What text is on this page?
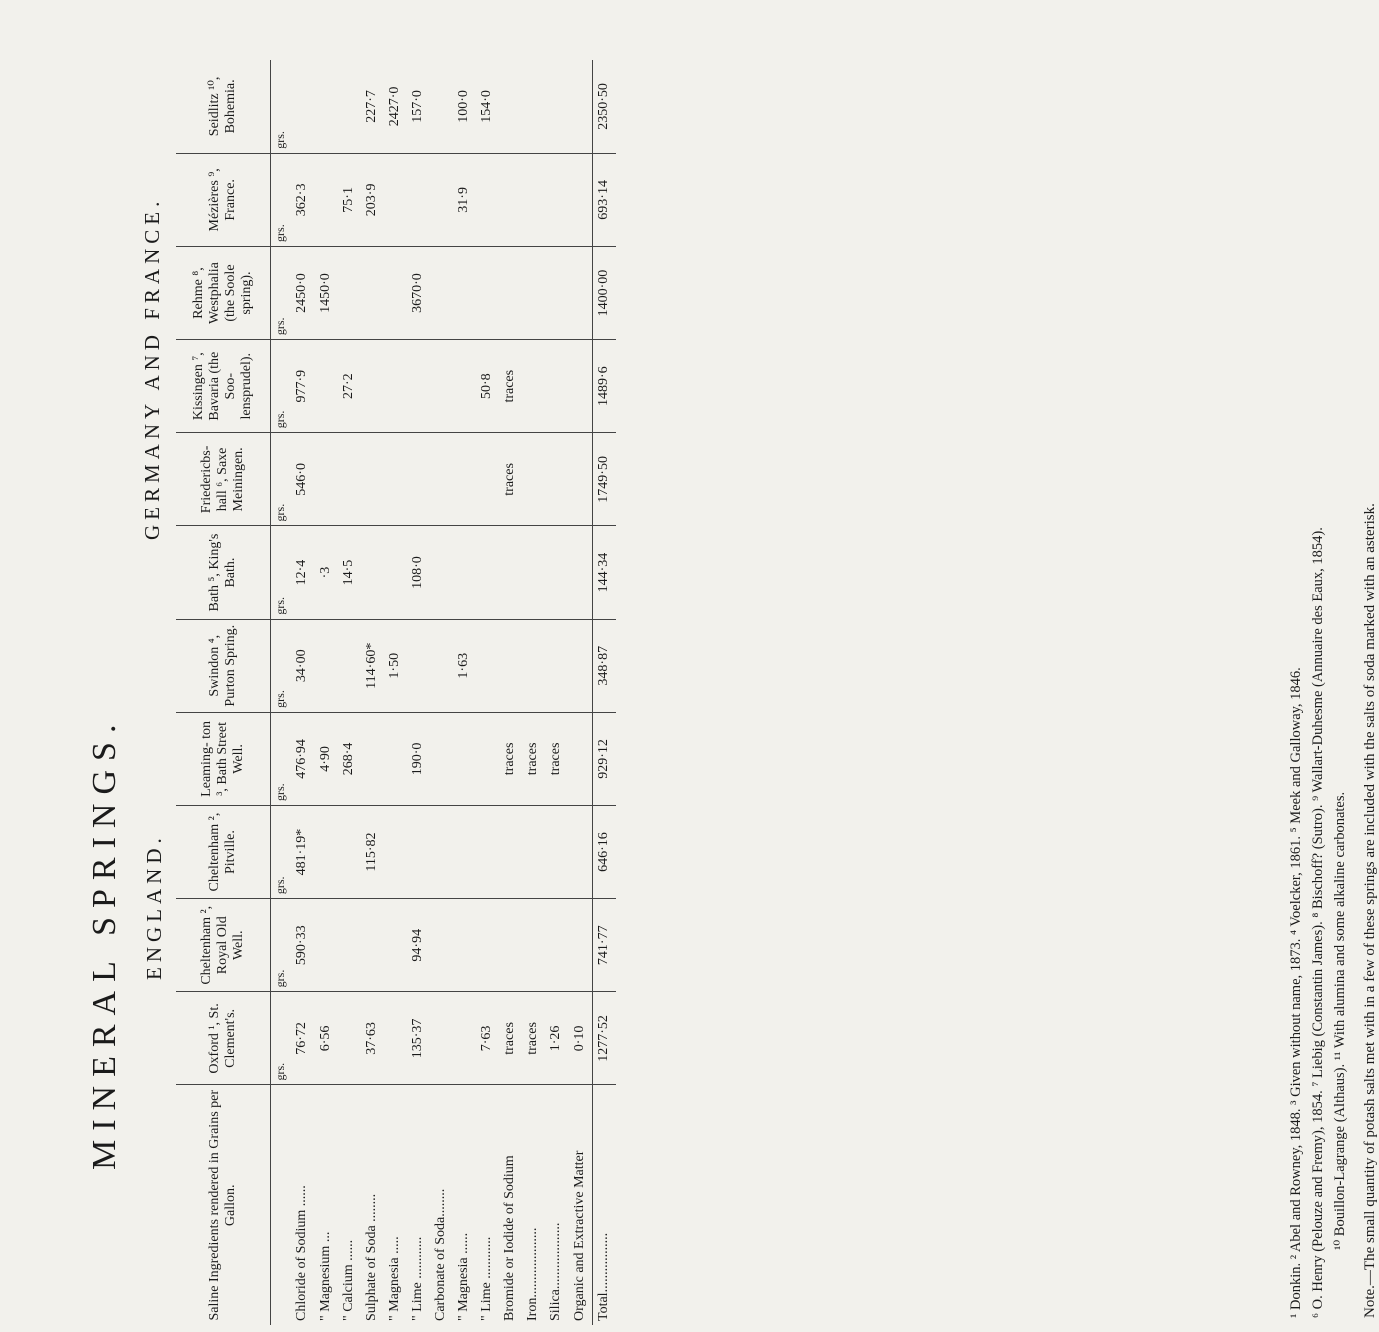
MINERAL SPRINGS. ENGLAND.
GERMANY AND FRANCE.
Saline Ingredients rendered in Grains per Gallon.	Oxford ¹, St. Clement's.	Cheltenham ², Royal Old Well.	Cheltenham ², Pitville.	Leaming- ton ³, Bath Street Well.	Swindon ⁴, Purton Spring.	Bath ⁵, King's Bath.	Friedericbs- hall ⁶, Saxe Meiningen.	Kissingen ⁷, Bavaria (the Soo- lensprudel).	Rehme ⁸, Westphalia (the Soole spring).	Mézières ⁹, France.	Seidlitz ¹⁰, Bohemia.

	grs.	grs.	grs.	grs.	grs.	grs.	grs.	grs.	grs.	grs.	grs.

Chloride of Sodium ......	76·72	590·33	481·19*	476·94	34·00	12·4	546·0	977·9	2450·0	362·3	
" Magnesium ...	6·56			4·90		·3			1450·0		
" Calcium ......				268·4		14·5		27·2		75·1	
Sulphate of Soda ........	37·63		115·82		114·60*					203·9	227·7
" Magnesia .....					1·50						2427·0
" Lime ............	135·37	94·94		190·0		108·0			3670·0		157·0
Carbonate of Soda........											
" Magnesia ......					1·63					31·9	100·0
" Lime ............	7·63							50·8			154·0
Bromide or Iodide of Sodium	traces			traces			traces	traces			
Iron....................	traces			traces							
Silica...................	1·26			traces							
Organic and Extractive Matter	0·10										
Total.................	1277·52	741·77	646·16	929·12	348·87	144·34	1749·50	1489·6	1400·00	693·14	2350·50
¹ Donkin. ² Abel and Rowney, 1848. ³ Given without name, 1873. ⁴ Voelcker, 1861. ⁵ Meek and Galloway, 1846. ⁶ O. Henry (Pelouze and Fremy), 1854. ⁷ Liebig (Constantin James). ⁸ Bischoff? (Sutro). ⁹ Wallart-Duhesme (Annuaire des Eaux, 1854). ¹⁰ Bouillon-Lagrange (Althaus). ¹¹ With alumina and some alkaline carbonates. Note.—The small quantity of potash salts met with in a few of these springs are included with the salts of soda marked with an asterisk.
